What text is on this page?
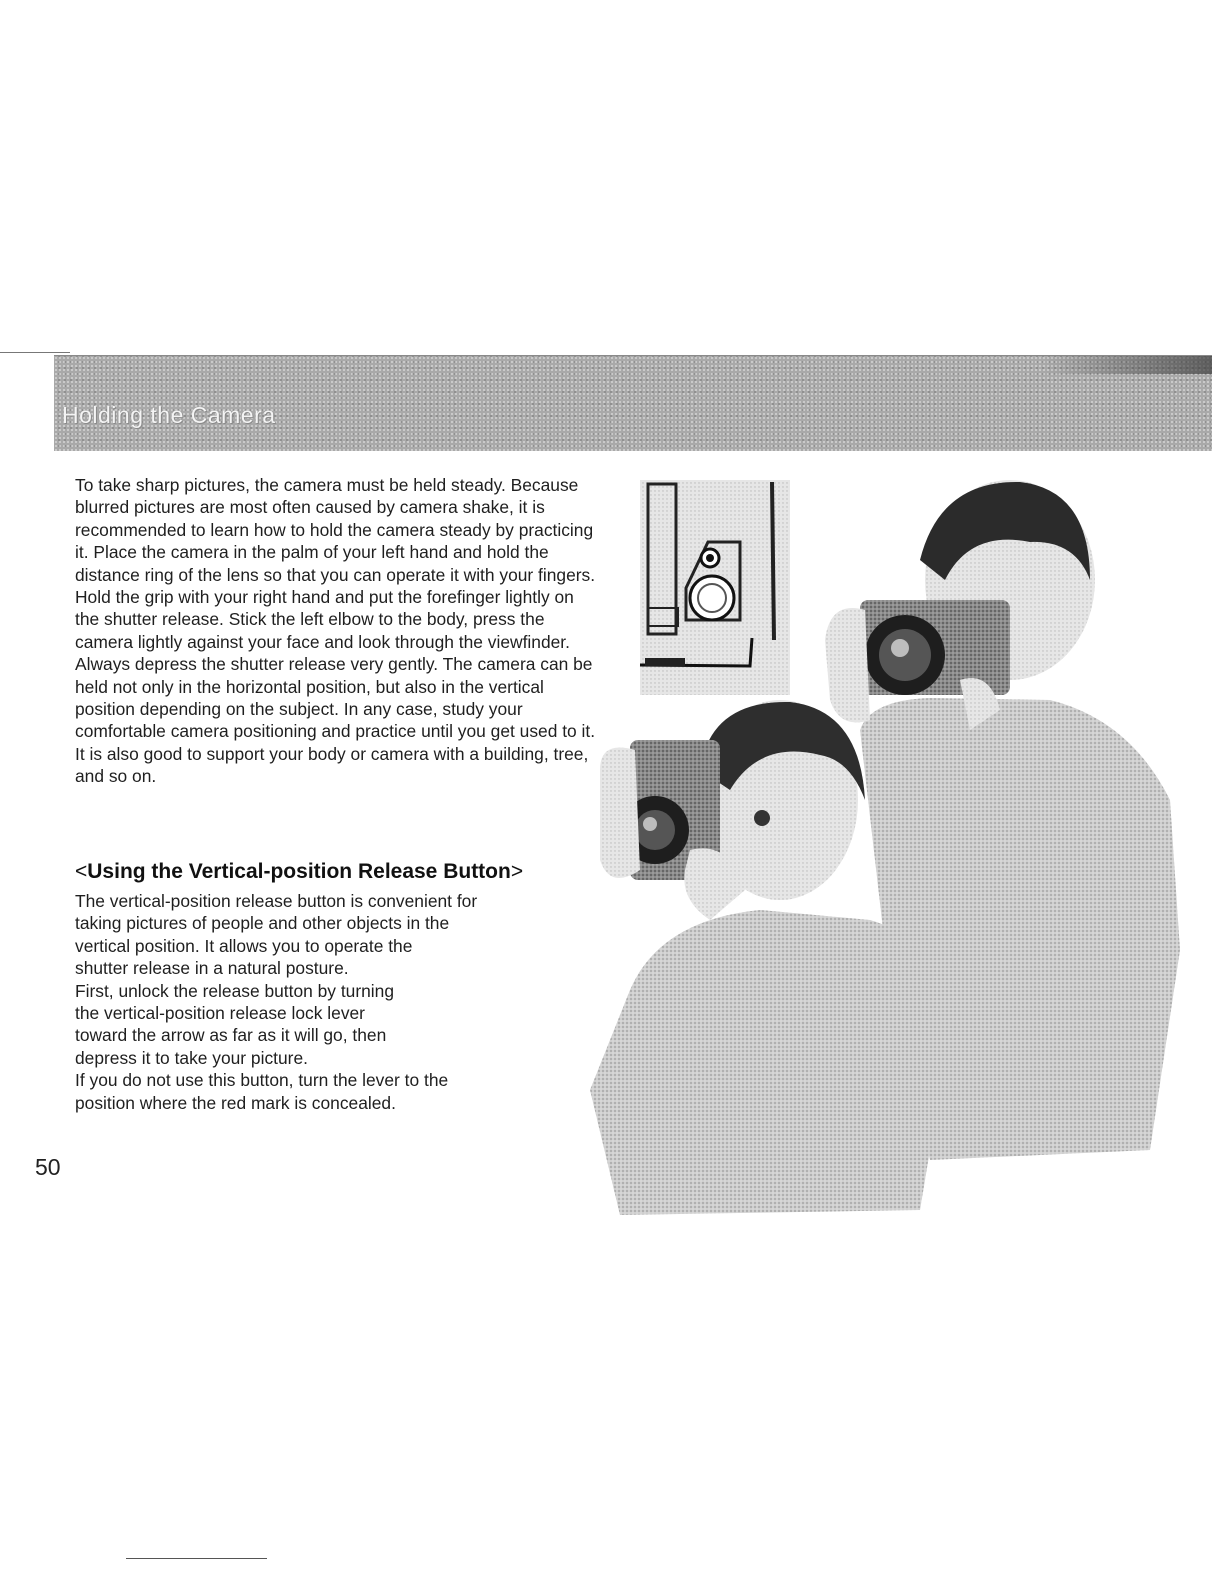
Holding the Camera

To take sharp pictures, the camera must be held steady. Because blurred pictures are most often caused by camera shake, it is recommended to learn how to hold the camera steady by practicing it. Place the camera in the palm of your left hand and hold the distance ring of the lens so that you can operate it with your fingers. Hold the grip with your right hand and put the forefinger lightly on the shutter release. Stick the left elbow to the body, press the camera lightly against your face and look through the viewfinder. Always depress the shutter release very gently. The camera can be held not only in the horizontal position, but also in the vertical position depending on the subject. In any case, study your comfortable camera positioning and practice until you get used to it. It is also good to support your body or camera with a building, tree, and so on.

<Using the Vertical-position Release Button>

The vertical-position release button is convenient for
taking pictures of people and other objects in the
vertical position. It allows you to operate the
shutter release in a natural posture.
First, unlock the release button by turning
the vertical-position release lock lever
toward the arrow as far as it will go, then
depress it to take your picture.
If you do not use this button, turn the lever to the
position where the red mark is concealed.

50
